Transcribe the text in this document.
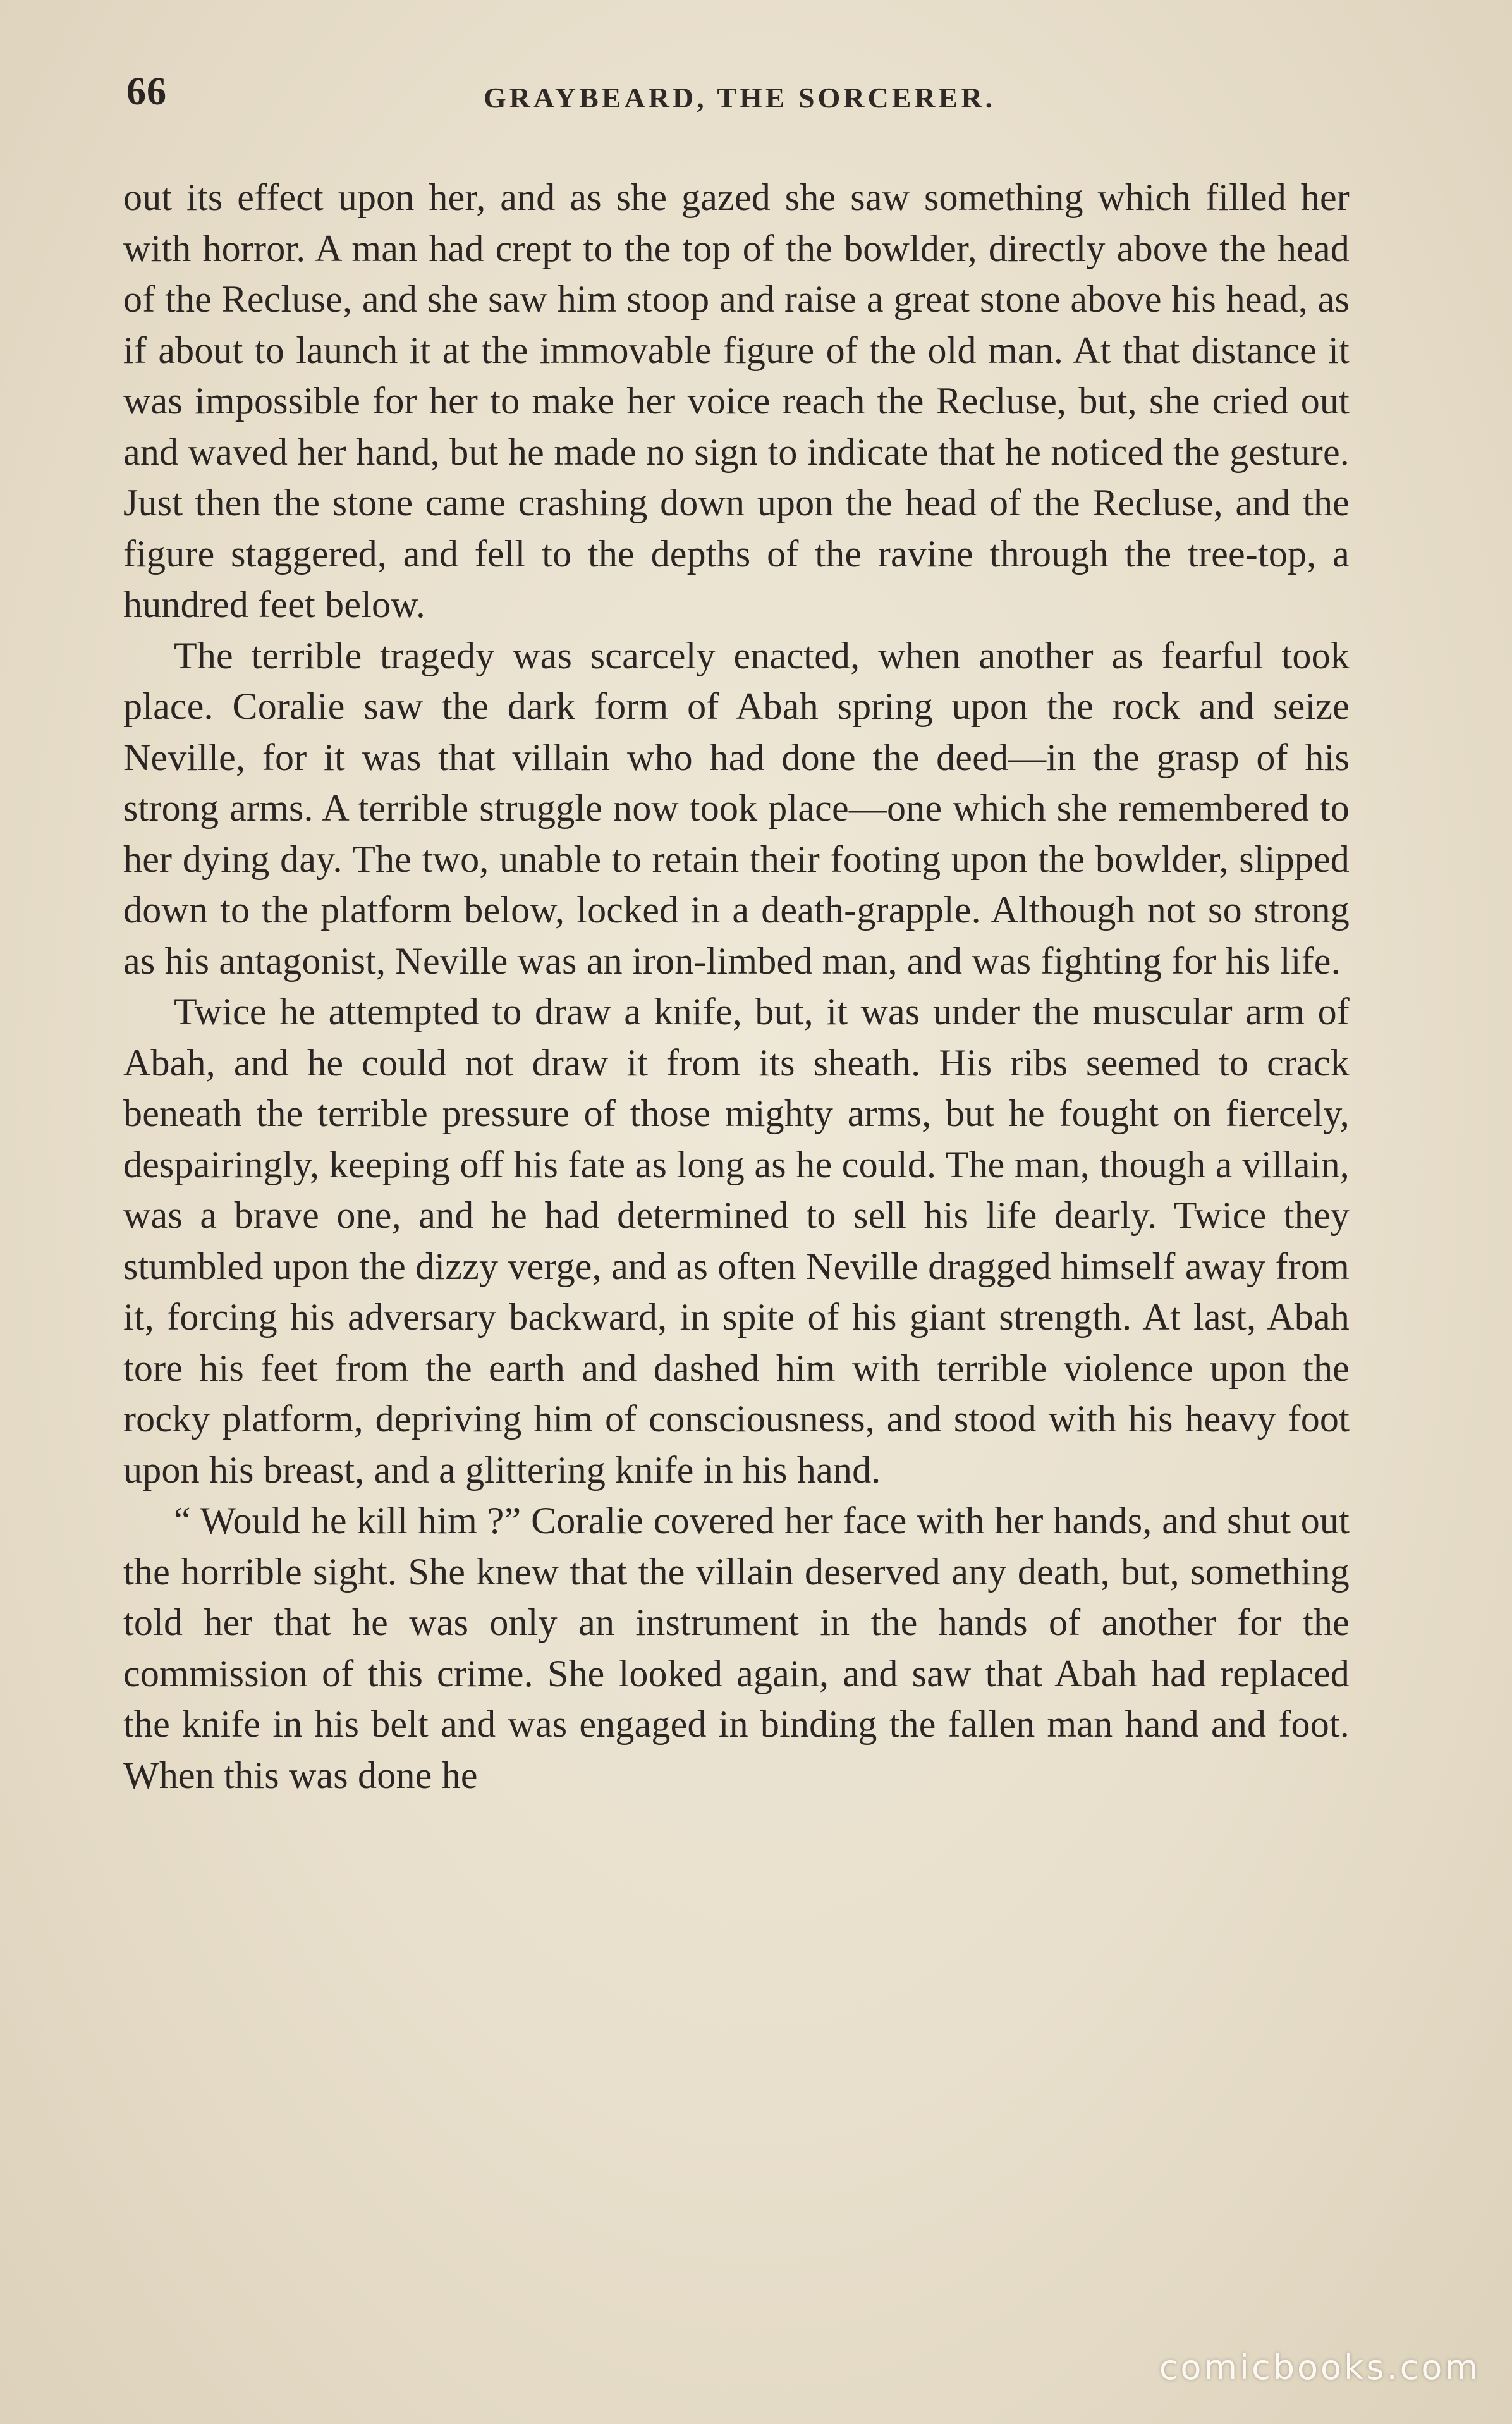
66	GRAYBEARD, THE SORCERER.

out its effect upon her, and as she gazed she saw something which filled her with horror. A man had crept to the top of the bowlder, directly above the head of the Recluse, and she saw him stoop and raise a great stone above his head, as if about to launch it at the immovable figure of the old man. At that distance it was impossible for her to make her voice reach the Recluse, but, she cried out and waved her hand, but he made no sign to indicate that he noticed the gesture. Just then the stone came crashing down upon the head of the Recluse, and the figure staggered, and fell to the depths of the ravine through the tree-top, a hundred feet below.

The terrible tragedy was scarcely enacted, when another as fearful took place. Coralie saw the dark form of Abah spring upon the rock and seize Neville, for it was that villain who had done the deed—in the grasp of his strong arms. A terrible struggle now took place—one which she remembered to her dying day. The two, unable to retain their footing upon the bowlder, slipped down to the platform below, locked in a death-grapple. Although not so strong as his antagonist, Neville was an iron-limbed man, and was fighting for his life.

Twice he attempted to draw a knife, but, it was under the muscular arm of Abah, and he could not draw it from its sheath. His ribs seemed to crack beneath the terrible pressure of those mighty arms, but he fought on fiercely, despairingly, keeping off his fate as long as he could. The man, though a villain, was a brave one, and he had determined to sell his life dearly. Twice they stumbled upon the dizzy verge, and as often Neville dragged himself away from it, forcing his adversary backward, in spite of his giant strength. At last, Abah tore his feet from the earth and dashed him with terrible violence upon the rocky platform, depriving him of consciousness, and stood with his heavy foot upon his breast, and a glittering knife in his hand.

“ Would he kill him ?” Coralie covered her face with her hands, and shut out the horrible sight. She knew that the villain deserved any death, but, something told her that he was only an instrument in the hands of another for the commission of this crime. She looked again, and saw that Abah had replaced the knife in his belt and was engaged in binding the fallen man hand and foot. When this was done he

comicbooks.com
